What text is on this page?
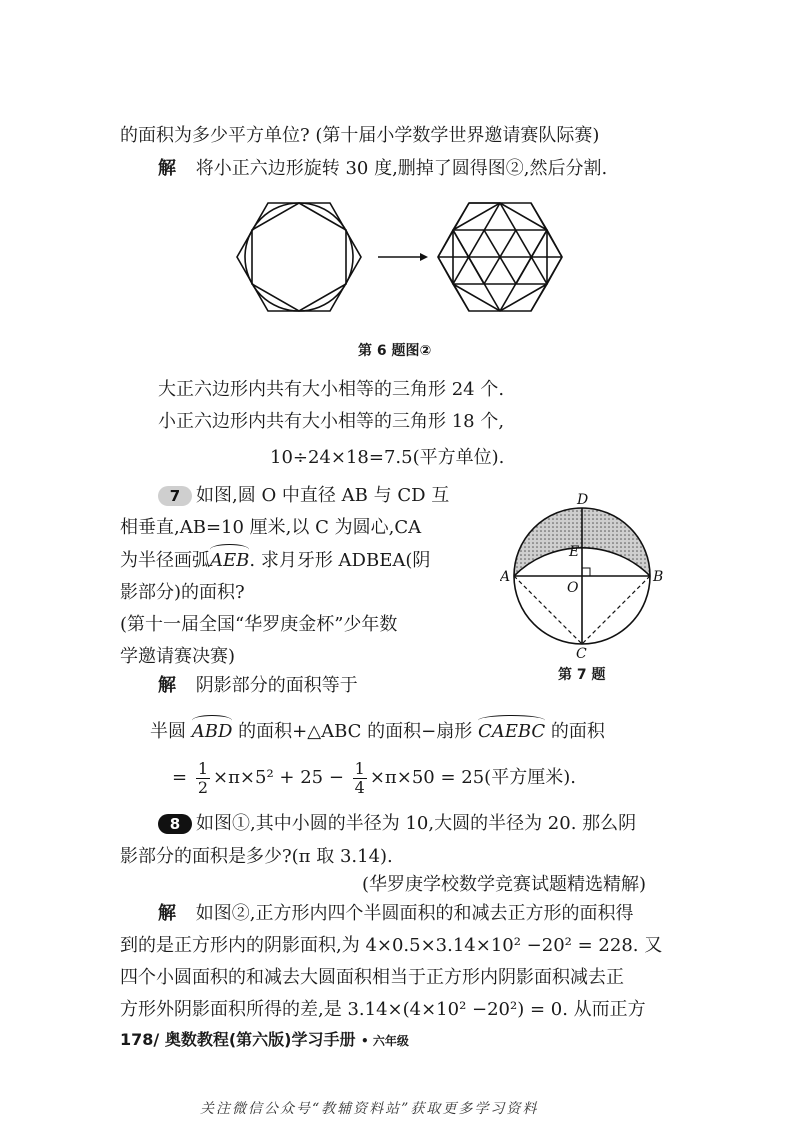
的面积为多少平方单位? (第十届小学数学世界邀请赛队际赛)
解 将小正六边形旋转 30 度,删掉了圆得图②,然后分割.
第 6 题图②
大正六边形内共有大小相等的三角形 24 个.
小正六边形内共有大小相等的三角形 18 个,
10÷24×18=7.5(平方单位).
7 如图,圆 O 中直径 AB 与 CD 互
相垂直,AB=10 厘米,以 C 为圆心,CA
为半径画弧AEB. 求月牙形 ADBEA(阴
影部分)的面积?
(第十一届全国“华罗庚金杯”少年数
学邀请赛决赛)
D
E
A
O
B
C
第 7 题
解 阴影部分的面积等于
半圆 ABD 的面积+△ABC 的面积−扇形 CAEBC 的面积
= $\frac{1}{2} \times\pi\times 5^2 + 25 - \frac{1}{4} \times\pi\times 50 = 25$(平方厘米).
8 如图①,其中小圆的半径为 10,大圆的半径为 20. 那么阴
影部分的面积是多少?(π 取 3.14).
(华罗庚学校数学竞赛试题精选精解)
解 如图②,正方形内四个半圆面积的和减去正方形的面积得
到的是正方形内的阴影面积,为 4×0.5×3.14×10² −20² = 228. 又
四个小圆面积的和减去大圆面积相当于正方形内阴影面积减去正
方形外阴影面积所得的差,是 3.14×(4×10² −20²) = 0. 从而正方
178/ 奥数教程(第六版)学习手册 • 六年级
关注微信公众号“教辅资料站”获取更多学习资料
